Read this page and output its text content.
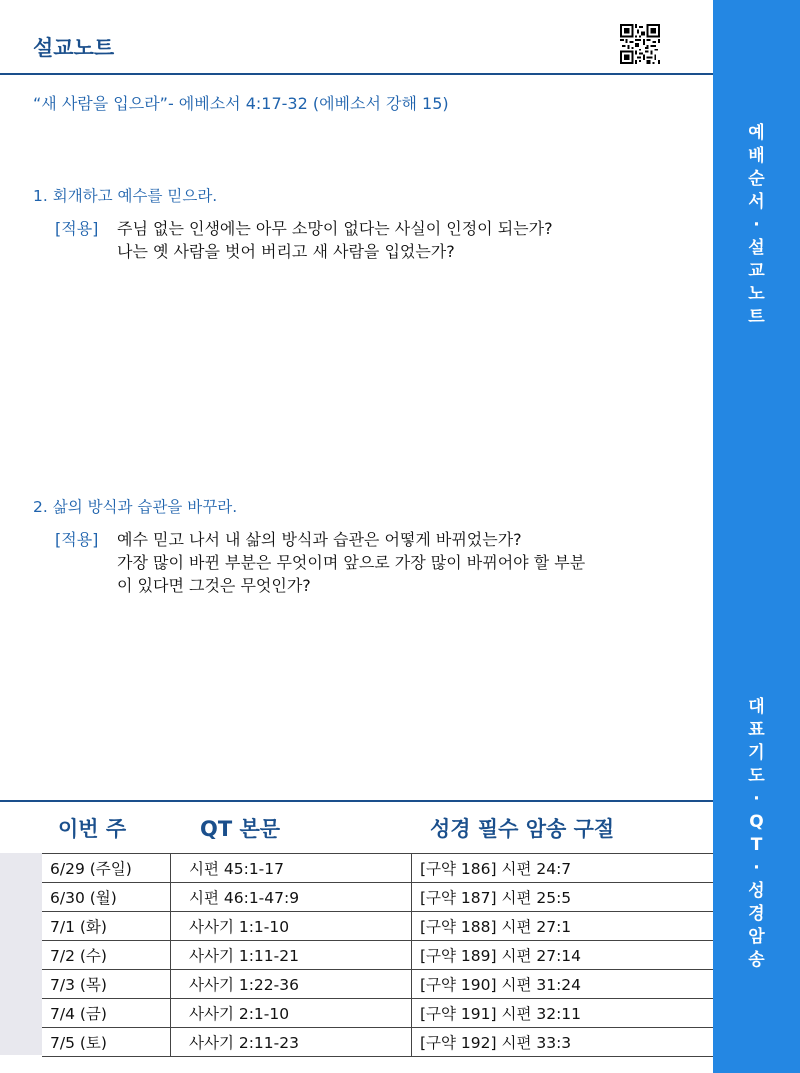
설교노트
“새 사람을 입으라”- 에베소서 4:17-32 (에베소서 강해 15)
1. 회개하고 예수를 믿으라.
[적용] 주님 없는 인생에는 아무 소망이 없다는 사실이 인정이 되는가?
나는 옛 사람을 벗어 버리고 새 사람을 입었는가?
2. 삶의 방식과 습관을 바꾸라.
[적용] 예수 믿고 나서 내 삶의 방식과 습관은 어떻게 바뀌었는가?
가장 많이 바뀐 부분은 무엇이며 앞으로 가장 많이 바뀌어야 할 부분
이 있다면 그것은 무엇인가?
이번 주	QT 본문	성경 필수 암송 구절
6/29 (주일)	시편 45:1-17	[구약 186] 시편 24:7
6/30 (월)	시편 46:1-47:9	[구약 187] 시편 25:5
7/1 (화)	사사기 1:1-10	[구약 188] 시편 27:1
7/2 (수)	사사기 1:11-21	[구약 189] 시편 27:14
7/3 (목)	사사기 1:22-36	[구약 190] 시편 31:24
7/4 (금)	사사기 2:1-10	[구약 191] 시편 32:11
7/5 (토)	사사기 2:11-23	[구약 192] 시편 33:3
예
배
순
서
·
설
교
노
트
대
표
기
도
·
Q
T
·
성
경
암
송
